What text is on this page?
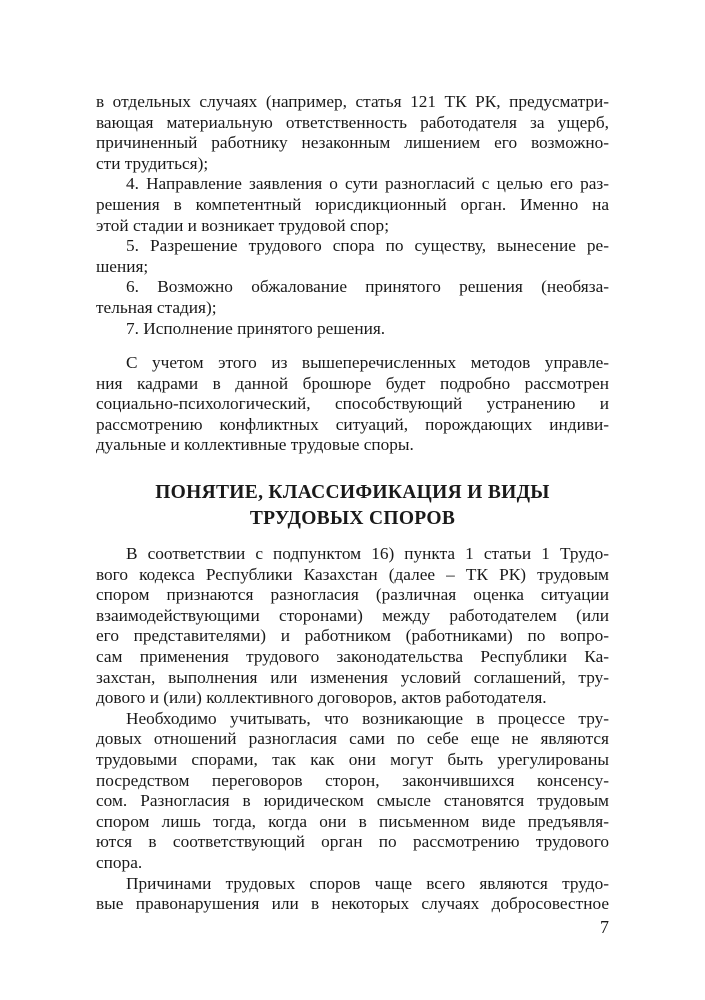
в отдельных случаях (например, статья 121 ТК РК, предусматри-
вающая материальную ответственность работодателя за ущерб,
причиненный работнику незаконным лишением его возможно-
сти трудиться);
4. Направление заявления о сути разногласий с целью его раз-
решения в компетентный юрисдикционный орган. Именно на
этой стадии и возникает трудовой спор;
5. Разрешение трудового спора по существу, вынесение ре-
шения;
6. Возможно обжалование принятого решения (необяза-
тельная стадия);
7. Исполнение принятого решения.
С учетом этого из вышеперечисленных методов управле-
ния кадрами в данной брошюре будет подробно рассмотрен
социально-психологический, способствующий устранению и
рассмотрению конфликтных ситуаций, порождающих индиви-
дуальные и коллективные трудовые споры.
ПОНЯТИЕ, КЛАССИФИКАЦИЯ И ВИДЫ
ТРУДОВЫХ СПОРОВ
В соответствии с подпунктом 16) пункта 1 статьи 1 Трудо-
вого кодекса Республики Казахстан (далее – ТК РК) трудовым
спором признаются разногласия (различная оценка ситуации
взаимодействующими сторонами) между работодателем (или
его представителями) и работником (работниками) по вопро-
сам применения трудового законодательства Республики Ка-
захстан, выполнения или изменения условий соглашений, тру-
дового и (или) коллективного договоров, актов работодателя.
Необходимо учитывать, что возникающие в процессе тру-
довых отношений разногласия сами по себе еще не являются
трудовыми спорами, так как они могут быть урегулированы
посредством переговоров сторон, закончившихся консенсу-
сом. Разногласия в юридическом смысле становятся трудовым
спором лишь тогда, когда они в письменном виде предъявля-
ются в соответствующий орган по рассмотрению трудового
спора.
Причинами трудовых споров чаще всего являются трудо-
вые правонарушения или в некоторых случаях добросовестное
7
